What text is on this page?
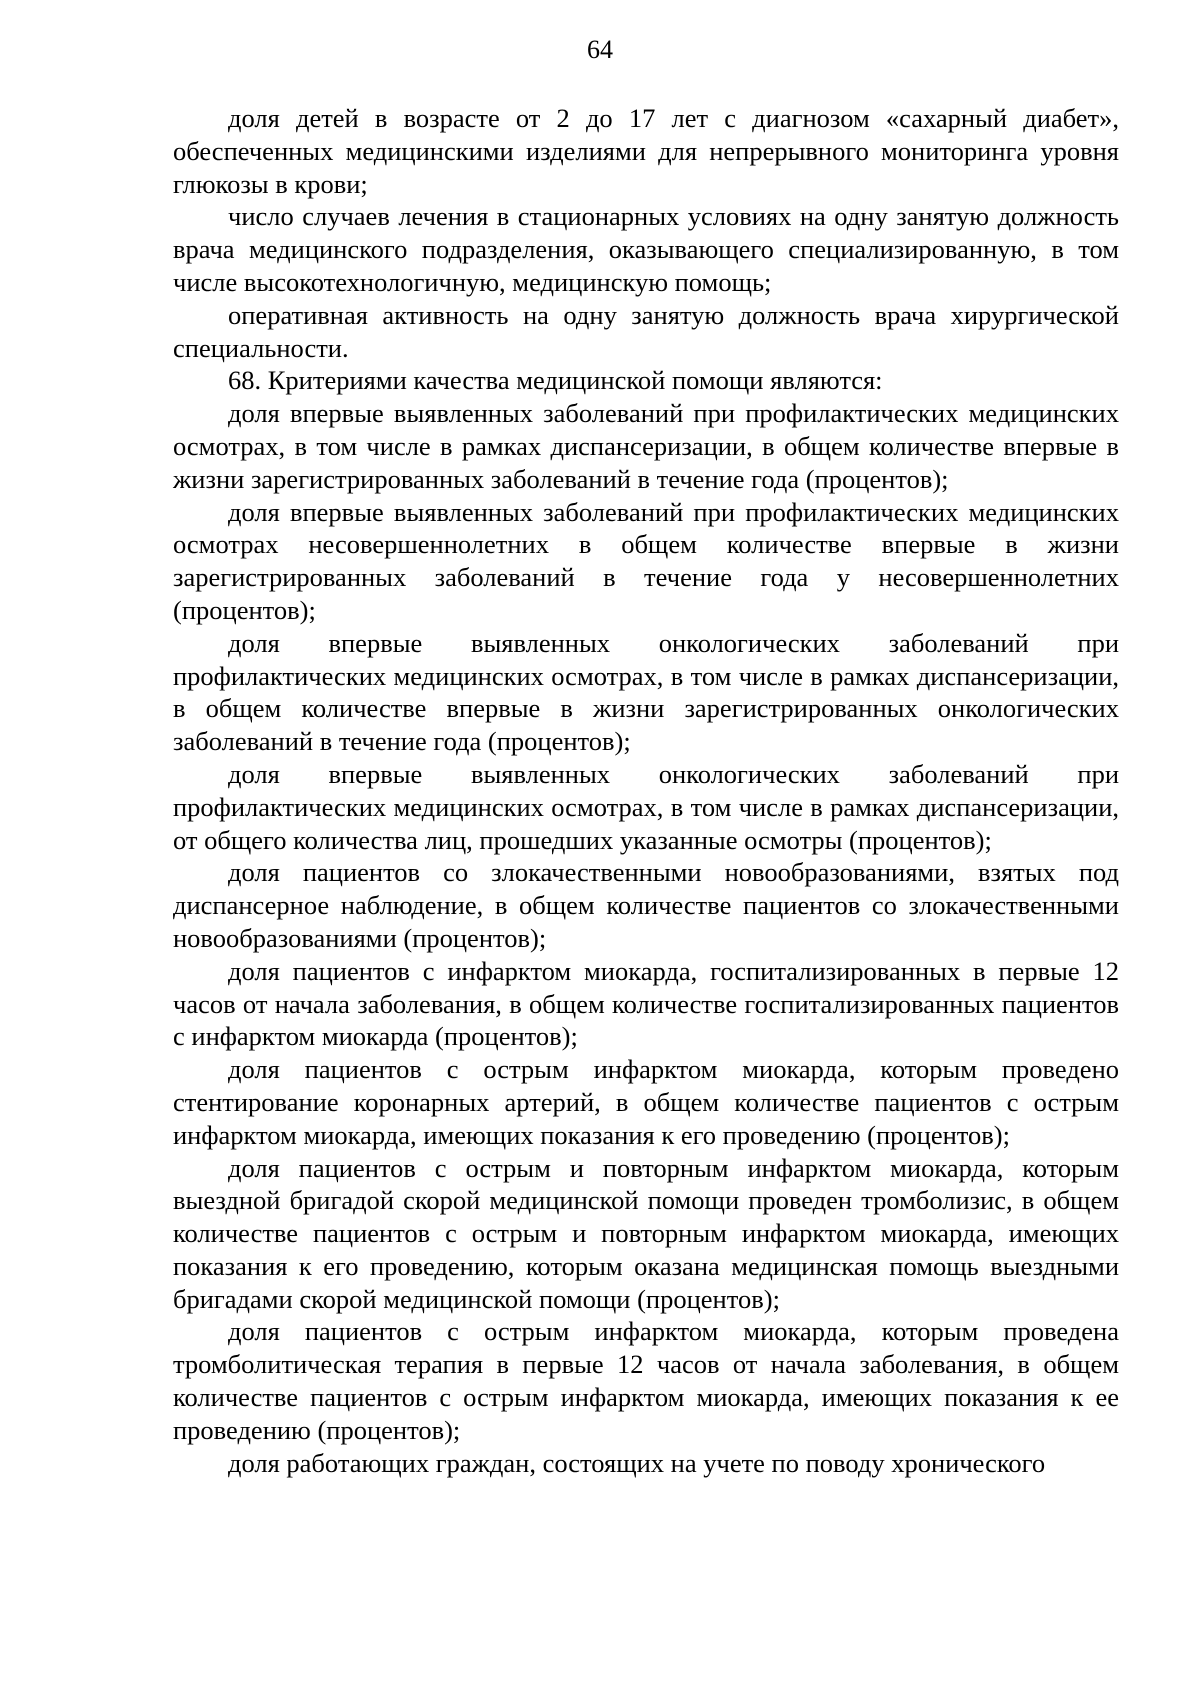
64

доля детей в возрасте от 2 до 17 лет с диагнозом «сахарный диабет», обеспеченных медицинскими изделиями для непрерывного мониторинга уровня глюкозы в крови;

число случаев лечения в стационарных условиях на одну занятую должность врача медицинского подразделения, оказывающего специализированную, в том числе высокотехнологичную, медицинскую помощь;

оперативная активность на одну занятую должность врача хирургической специальности.

68. Критериями качества медицинской помощи являются:

доля впервые выявленных заболеваний при профилактических медицинских осмотрах, в том числе в рамках диспансеризации, в общем количестве впервые в жизни зарегистрированных заболеваний в течение года (процентов);

доля впервые выявленных заболеваний при профилактических медицинских осмотрах несовершеннолетних в общем количестве впервые в жизни зарегистрированных заболеваний в течение года у несовершеннолетних (процентов);

доля впервые выявленных онкологических заболеваний при профилактических медицинских осмотрах, в том числе в рамках диспансеризации, в общем количестве впервые в жизни зарегистрированных онкологических заболеваний в течение года (процентов);

доля впервые выявленных онкологических заболеваний при профилактических медицинских осмотрах, в том числе в рамках диспансеризации, от общего количества лиц, прошедших указанные осмотры (процентов);

доля пациентов со злокачественными новообразованиями, взятых под диспансерное наблюдение, в общем количестве пациентов со злокачественными новообразованиями (процентов);

доля пациентов с инфарктом миокарда, госпитализированных в первые 12 часов от начала заболевания, в общем количестве госпитализированных пациентов с инфарктом миокарда (процентов);

доля пациентов с острым инфарктом миокарда, которым проведено стентирование коронарных артерий, в общем количестве пациентов с острым инфарктом миокарда, имеющих показания к его проведению (процентов);

доля пациентов с острым и повторным инфарктом миокарда, которым выездной бригадой скорой медицинской помощи проведен тромболизис, в общем количестве пациентов с острым и повторным инфарктом миокарда, имеющих показания к его проведению, которым оказана медицинская помощь выездными бригадами скорой медицинской помощи (процентов);

доля пациентов с острым инфарктом миокарда, которым проведена тромболитическая терапия в первые 12 часов от начала заболевания, в общем количестве пациентов с острым инфарктом миокарда, имеющих показания к ее проведению (процентов);

доля работающих граждан, состоящих на учете по поводу хронического
